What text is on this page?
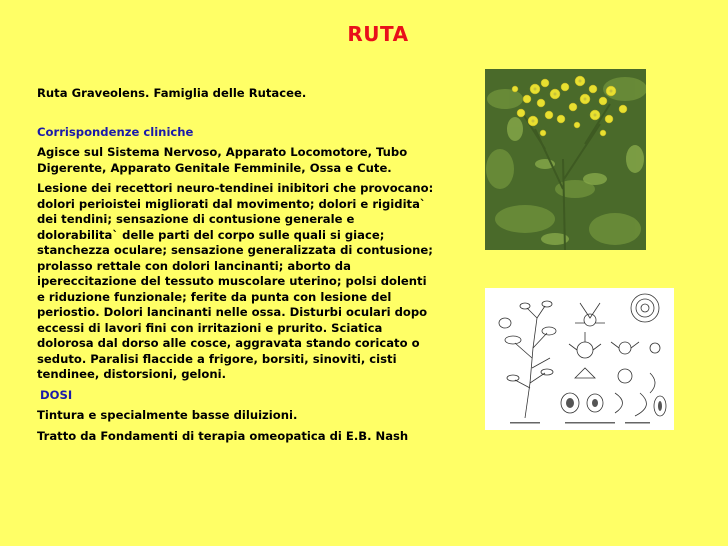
RUTA

Ruta Graveolens. Famiglia delle Rutacee.

Corrispondenze cliniche

Agisce sul Sistema Nervoso, Apparato Locomotore, Tubo Digerente, Apparato Genitale Femminile, Ossa e Cute.

Lesione dei recettori neuro-tendinei inibitori che provocano: dolori perioistei migliorati dal movimento; dolori e rigidita` dei tendini; sensazione di contusione generale e dolorabilita` delle parti del corpo sulle quali si giace; stanchezza oculare; sensazione generalizzata di contusione; prolasso rettale con dolori lancinanti; aborto da ipereccitazione del tessuto muscolare uterino; polsi dolenti e riduzione funzionale; ferite da punta con lesione del periostio. Dolori lancinanti nelle ossa. Disturbi oculari dopo eccessi di lavori fini con irritazioni e prurito. Sciatica dolorosa dal dorso alle cosce, aggravata stando coricato o seduto. Paralisi flaccide a frigore, borsiti, sinoviti, cisti tendinee, distorsioni, geloni.

DOSI

Tintura e specialmente basse diluizioni.

Tratto da Fondamenti di terapia omeopatica di E.B. Nash
